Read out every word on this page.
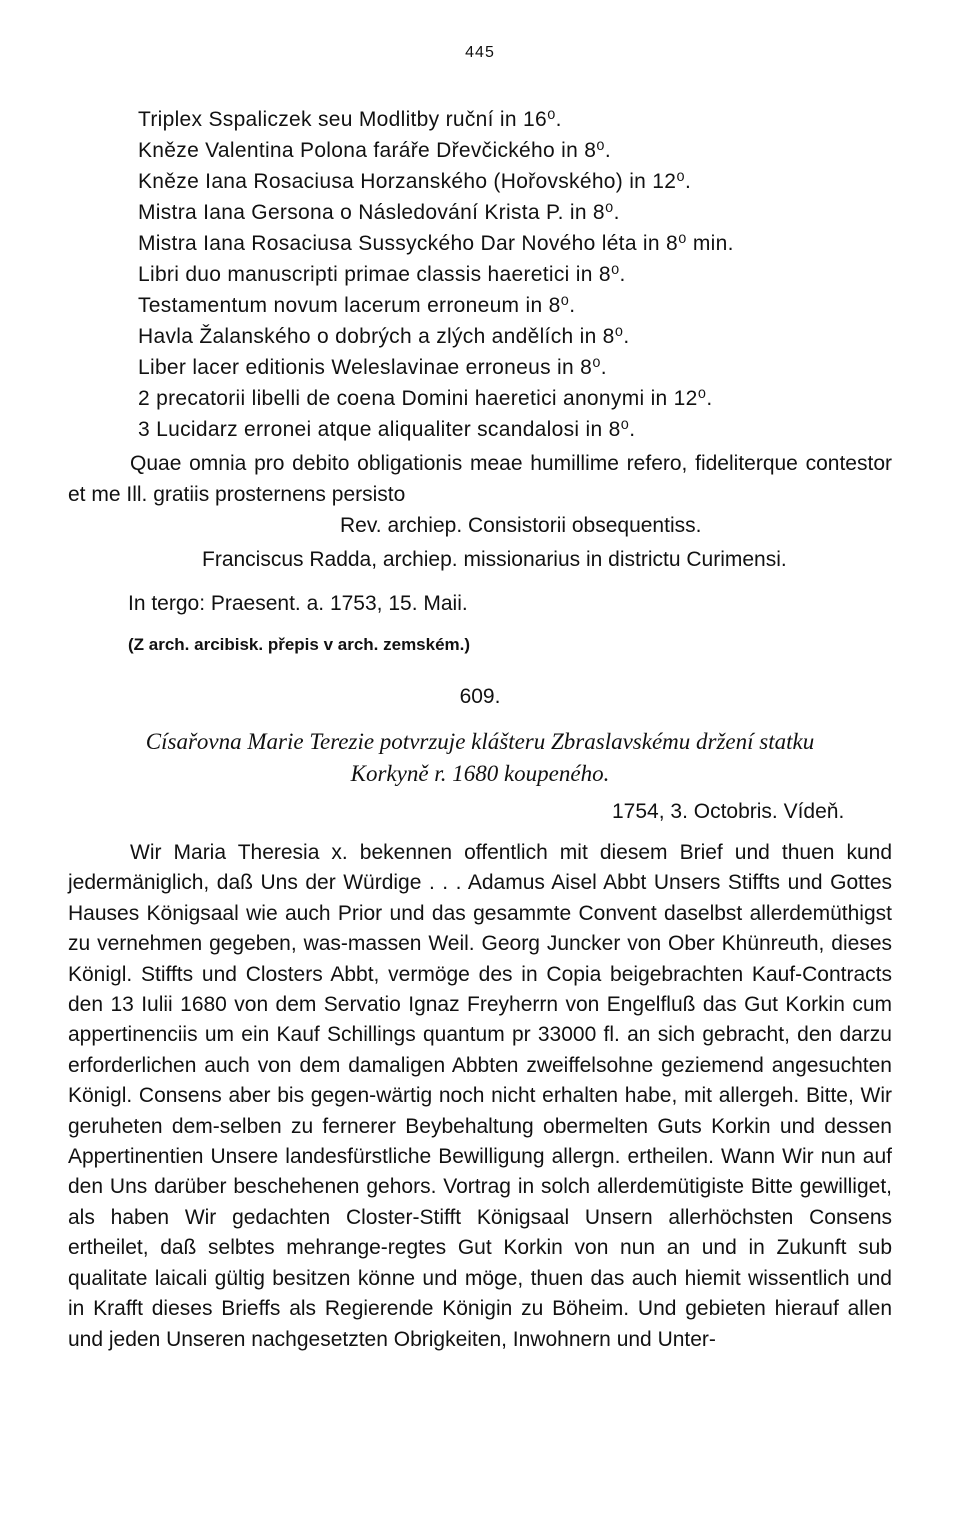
445
Triplex Sspaliczek seu Modlitby ruční in 16⁰.
Kněze Valentina Polona faráře Dřevčického in 8⁰.
Kněze Iana Rosaciusa Horzanského (Hořovského) in 12⁰.
Mistra Iana Gersona o Následování Krista P. in 8⁰.
Mistra Iana Rosaciusa Sussyckého Dar Nového léta in 8⁰ min.
Libri duo manuscripti primae classis haeretici in 8⁰.
Testamentum novum lacerum erroneum in 8⁰.
Havla Žalanského o dobrých a zlých andělích in 8⁰.
Liber lacer editionis Weleslavinae erroneus in 8⁰.
2 precatorii libelli de coena Domini haeretici anonymi in 12⁰.
3 Lucidarz erronei atque aliqualiter scandalosi in 8⁰.
Quae omnia pro debito obligationis meae humillime refero, fideliterque contestor et me Ill. gratiis prosternens persisto
Rev. archiep. Consistorii obsequentiss.
Franciscus Radda, archiep. missionarius in districtu Curimensi.
In tergo: Praesent. a. 1753, 15. Maii.
(Z arch. arcibisk. přepis v arch. zemském.)
609.
Císařovna Marie Terezie potvrzuje klášteru Zbraslavskému držení statku
Korkyně r. 1680 koupeného.
1754, 3. Octobris. Vídeň.
Wir Maria Theresia x. bekennen offentlich mit diesem Brief und thuen kund jedermäniglich, daß Uns der Würdige . . . Adamus Aisel Abbt Unsers Stiffts und Gottes Hauses Königsaal wie auch Prior und das gesammte Convent daselbst allerdemüthigst zu vernehmen gegeben, was-massen Weil. Georg Juncker von Ober Khünreuth, dieses Königl. Stiffts und Closters Abbt, vermöge des in Copia beigebrachten Kauf-Contracts den 13 Iulii 1680 von dem Servatio Ignaz Freyherrn von Engelfluß das Gut Korkin cum appertinenciis um ein Kauf Schillings quantum pr 33000 fl. an sich gebracht, den darzu erforderlichen auch von dem damaligen Abbten zweiffelsohne geziemend angesuchten Königl. Consens aber bis gegen-wärtig noch nicht erhalten habe, mit allergeh. Bitte, Wir geruheten dem-selben zu fernerer Beybehaltung obermelten Guts Korkin und dessen Appertinentien Unsere landesfürstliche Bewilligung allergn. ertheilen. Wann Wir nun auf den Uns darüber beschehenen gehors. Vortrag in solch allerdemütigiste Bitte gewilliget, als haben Wir gedachten Closter-Stifft Königsaal Unsern allerhöchsten Consens ertheilet, daß selbtes mehrange-regtes Gut Korkin von nun an und in Zukunft sub qualitate laicali gültig besitzen könne und möge, thuen das auch hiemit wissentlich und in Krafft dieses Brieffs als Regierende Königin zu Böheim. Und gebieten hierauf allen und jeden Unseren nachgesetzten Obrigkeiten, Inwohnern und Unter-
